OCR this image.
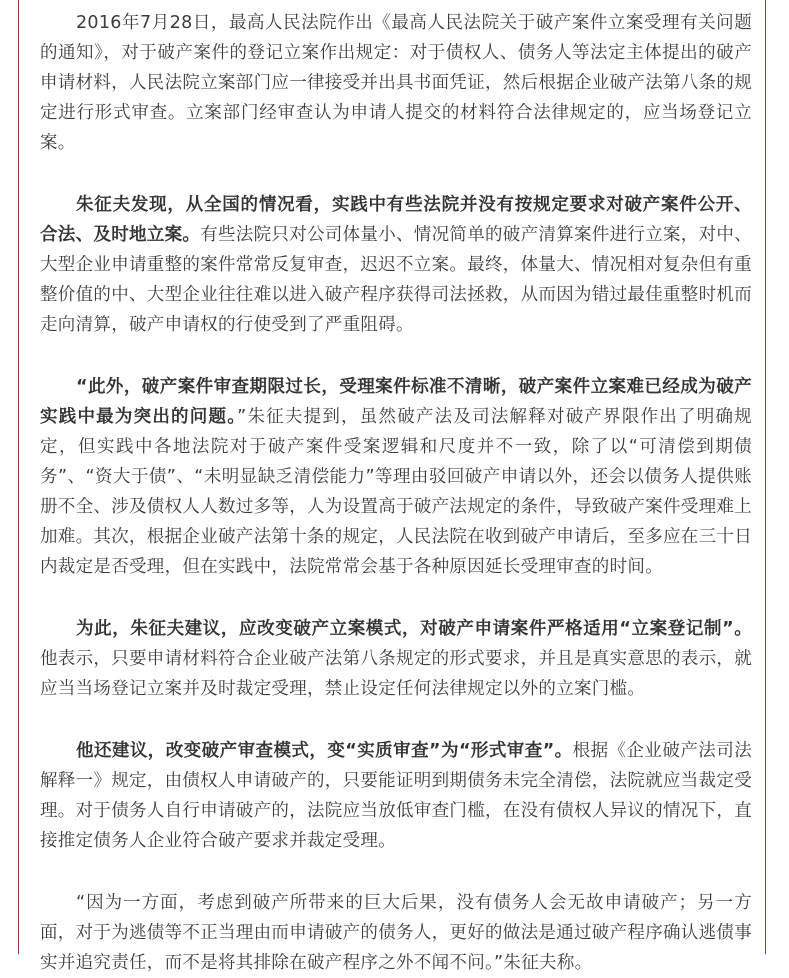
2016年7月28日，最高人民法院作出《最高人民法院关于破产案件立案受理有关问题的通知》，对于破产案件的登记立案作出规定：对于债权人、债务人等法定主体提出的破产申请材料，人民法院立案部门应一律接受并出具书面凭证，然后根据企业破产法第八条的规定进行形式审查。立案部门经审查认为申请人提交的材料符合法律规定的，应当场登记立案。

朱征夫发现，从全国的情况看，实践中有些法院并没有按规定要求对破产案件公开、合法、及时地立案。有些法院只对公司体量小、情况简单的破产清算案件进行立案，对中、大型企业申请重整的案件常常反复审查，迟迟不立案。最终，体量大、情况相对复杂但有重整价值的中、大型企业往往难以进入破产程序获得司法拯救，从而因为错过最佳重整时机而走向清算，破产申请权的行使受到了严重阻碍。

“此外，破产案件审查期限过长，受理案件标准不清晰，破产案件立案难已经成为破产实践中最为突出的问题。”朱征夫提到，虽然破产法及司法解释对破产界限作出了明确规定，但实践中各地法院对于破产案件受案逻辑和尺度并不一致，除了以“可清偿到期债务”、“资大于债”、“未明显缺乏清偿能力”等理由驳回破产申请以外，还会以债务人提供账册不全、涉及债权人人数过多等，人为设置高于破产法规定的条件，导致破产案件受理难上加难。其次，根据企业破产法第十条的规定，人民法院在收到破产申请后，至多应在三十日内裁定是否受理，但在实践中，法院常常会基于各种原因延长受理审查的时间。

为此，朱征夫建议，应改变破产立案模式，对破产申请案件严格适用“立案登记制”。他表示，只要申请材料符合企业破产法第八条规定的形式要求，并且是真实意思的表示，就应当当场登记立案并及时裁定受理，禁止设定任何法律规定以外的立案门槛。

他还建议，改变破产审查模式，变“实质审查”为“形式审查”。根据《企业破产法司法解释一》规定，由债权人申请破产的，只要能证明到期债务未完全清偿，法院就应当裁定受理。对于债务人自行申请破产的，法院应当放低审查门槛，在没有债权人异议的情况下，直接推定债务人企业符合破产要求并裁定受理。

“因为一方面，考虑到破产所带来的巨大后果，没有债务人会无故申请破产；另一方面，对于为逃债等不正当理由而申请破产的债务人，更好的做法是通过破产程序确认逃债事实并追究责任，而不是将其排除在破产程序之外不闻不问。”朱征夫称。
